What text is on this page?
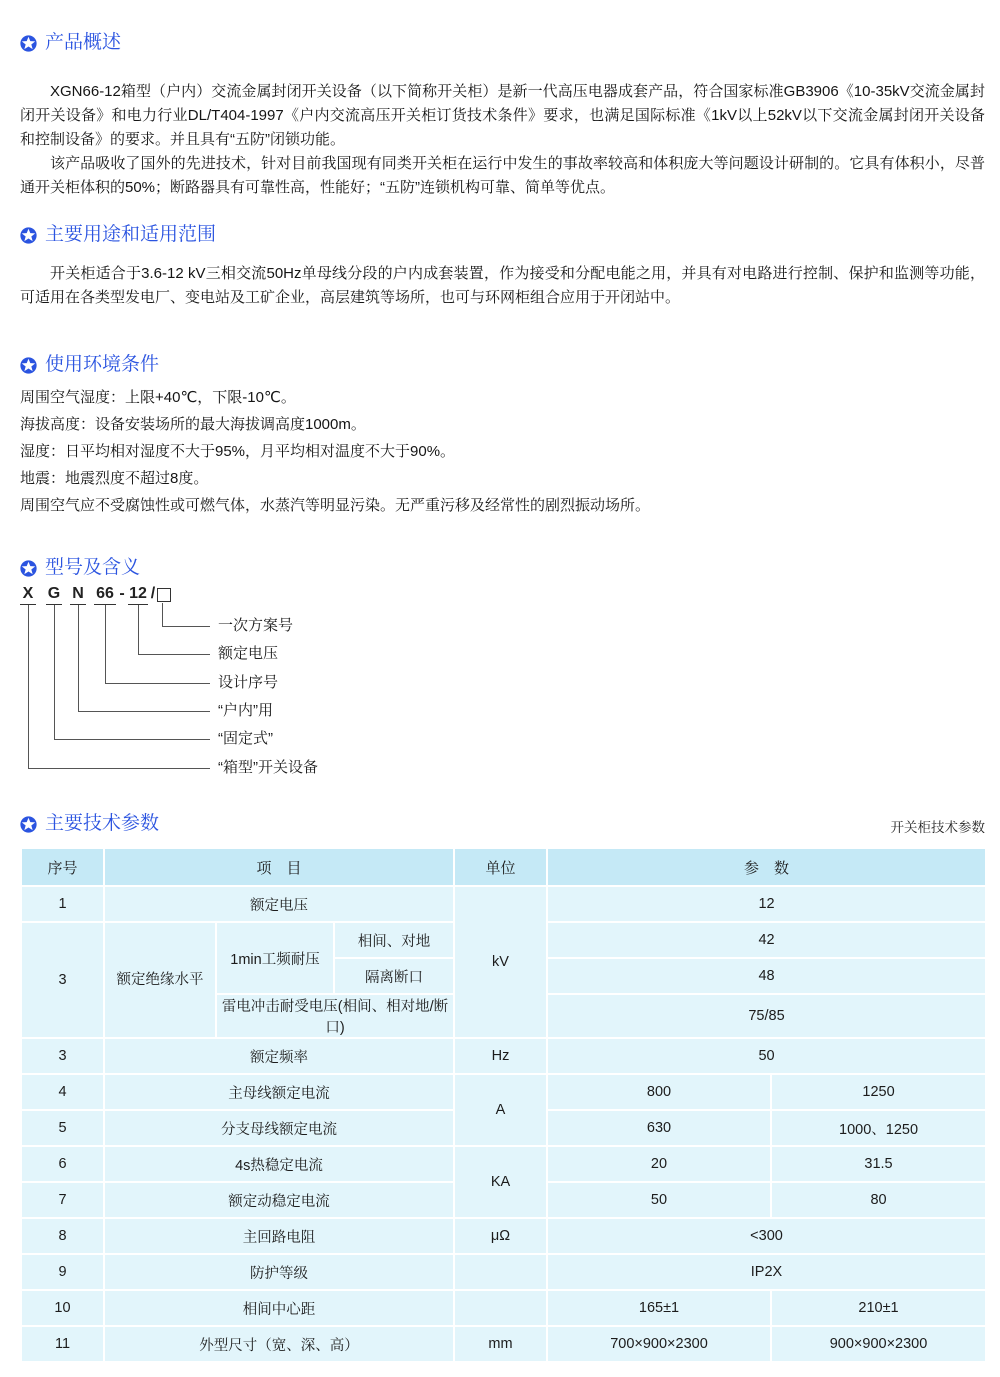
产品概述

XGN66-12箱型（户内）交流金属封闭开关设备（以下简称开关柜）是新一代高压电器成套产品，符合国家标准GB3906《10-35kV交流金属封闭开关设备》和电力行业DL/T404-1997《户内交流高压开关柜订货技术条件》要求，也满足国际标准《1kV以上52kV以下交流金属封闭开关设备和控制设备》的要求。并且具有“五防”闭锁功能。

该产品吸收了国外的先进技术，针对目前我国现有同类开关柜在运行中发生的事故率较高和体积庞大等问题设计研制的。它具有体积小，尽普通开关柜体积的50%；断路器具有可靠性高，性能好；“五防”连锁机构可靠、简单等优点。

主要用途和适用范围

开关柜适合于3.6-12 kV三相交流50Hz单母线分段的户内成套装置，作为接受和分配电能之用，并具有对电路进行控制、保护和监测等功能，可适用在各类型发电厂、变电站及工矿企业，高层建筑等场所，也可与环网柜组合应用于开闭站中。

使用环境条件
周围空气湿度：上限+40℃，下限-10℃。
海拔高度：设备安装场所的最大海拔调高度1000m。
湿度：日平均相对湿度不大于95%，月平均相对温度不大于90%。
地震：地震烈度不超过8度。
周围空气应不受腐蚀性或可燃气体，水蒸汽等明显污染。无严重污移及经常性的剧烈振动场所。
型号及含义
X G N 66 - 12 /
一次方案号
额定电压
设计序号
“户内”用
“固定式”
“箱型”开关设备
主要技术参数	开关柜技术参数
序号	项　目			单位	参　数	
1	额定电压			kV	12	
3	额定绝缘水平	1min工频耐压	相间、对地		42	
			隔离断口		48	
		雷电冲击耐受电压(相间、相对地/断口)			75/85	
3	额定频率			Hz	50	
4	主母线额定电流			A	800	1250
5	分支母线额定电流				630	1000、1250
6	4s热稳定电流			KA	20	31.5
7	额定动稳定电流				50	80
8	主回路电阻			μΩ	<300	
9	防护等级				IP2X	
10	相间中心距				165±1	210±1
11	外型尺寸（宽、深、高）			mm	700×900×2300	900×900×2300
